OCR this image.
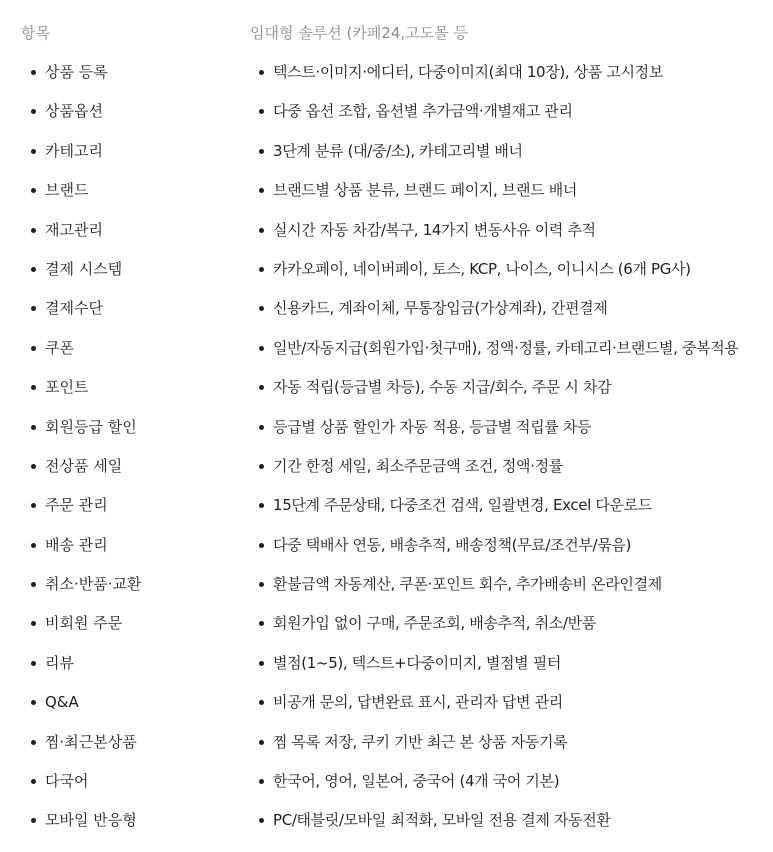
항목	임대형 솔루션 (카페24,고도몰 등
상품 등록	텍스트·이미지·에디터, 다중이미지(최대 10장), 상품 고시정보
상품옵션	다중 옵션 조합, 옵션별 추가금액·개별재고 관리
카테고리	3단계 분류 (대/중/소), 카테고리별 배너
브랜드	브랜드별 상품 분류, 브랜드 페이지, 브랜드 배너
재고관리	실시간 자동 차감/복구, 14가지 변동사유 이력 추적
결제 시스템	카카오페이, 네이버페이, 토스, KCP, 나이스, 이니시스 (6개 PG사)
결제수단	신용카드, 계좌이체, 무통장입금(가상계좌), 간편결제
쿠폰	일반/자동지급(회원가입·첫구매), 정액·정률, 카테고리·브랜드별, 중복적용
포인트	자동 적립(등급별 차등), 수동 지급/회수, 주문 시 차감
회원등급 할인	등급별 상품 할인가 자동 적용, 등급별 적립률 차등
전상품 세일	기간 한정 세일, 최소주문금액 조건, 정액·정률
주문 관리	15단계 주문상태, 다중조건 검색, 일괄변경, Excel 다운로드
배송 관리	다중 택배사 연동, 배송추적, 배송정책(무료/조건부/묶음)
취소·반품·교환	환불금액 자동계산, 쿠폰·포인트 회수, 추가배송비 온라인결제
비회원 주문	회원가입 없이 구매, 주문조회, 배송추적, 취소/반품
리뷰	별점(1~5), 텍스트+다중이미지, 별점별 필터
Q&A	비공개 문의, 답변완료 표시, 관리자 답변 관리
찜·최근본상품	찜 목록 저장, 쿠키 기반 최근 본 상품 자동기록
다국어	한국어, 영어, 일본어, 중국어 (4개 국어 기본)
모바일 반응형	PC/태블릿/모바일 최적화, 모바일 전용 결제 자동전환
